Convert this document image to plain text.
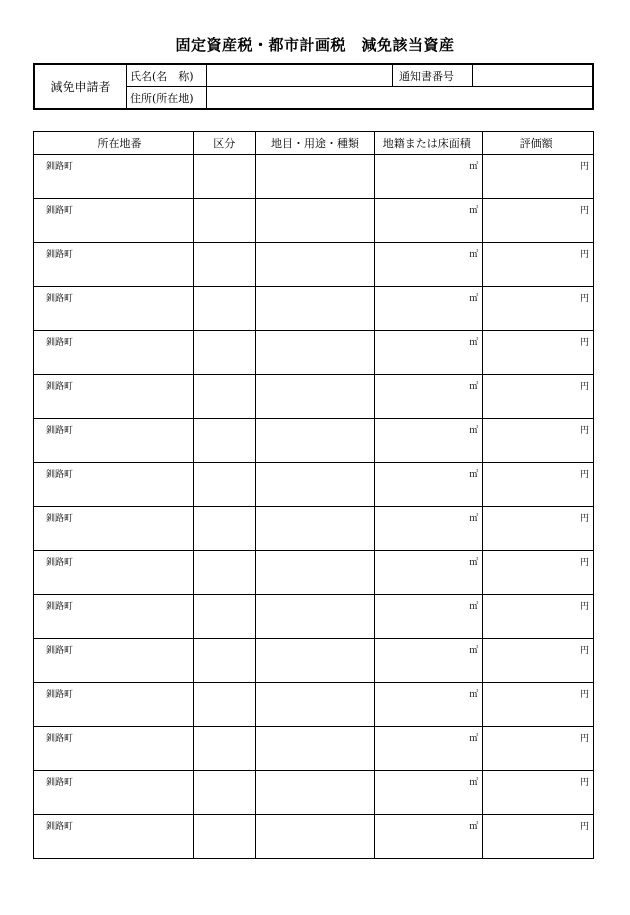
固定資産税・都市計画税　減免該当資産
減免申請者	氏名(名　称)		通知書番号	
	住所(所在地)			
所在地番	区分	地目・用途・種類	地籍または床面積	評価額
釧路町			㎡	円
釧路町			㎡	円
釧路町			㎡	円
釧路町			㎡	円
釧路町			㎡	円
釧路町			㎡	円
釧路町			㎡	円
釧路町			㎡	円
釧路町			㎡	円
釧路町			㎡	円
釧路町			㎡	円
釧路町			㎡	円
釧路町			㎡	円
釧路町			㎡	円
釧路町			㎡	円
釧路町			㎡	円
